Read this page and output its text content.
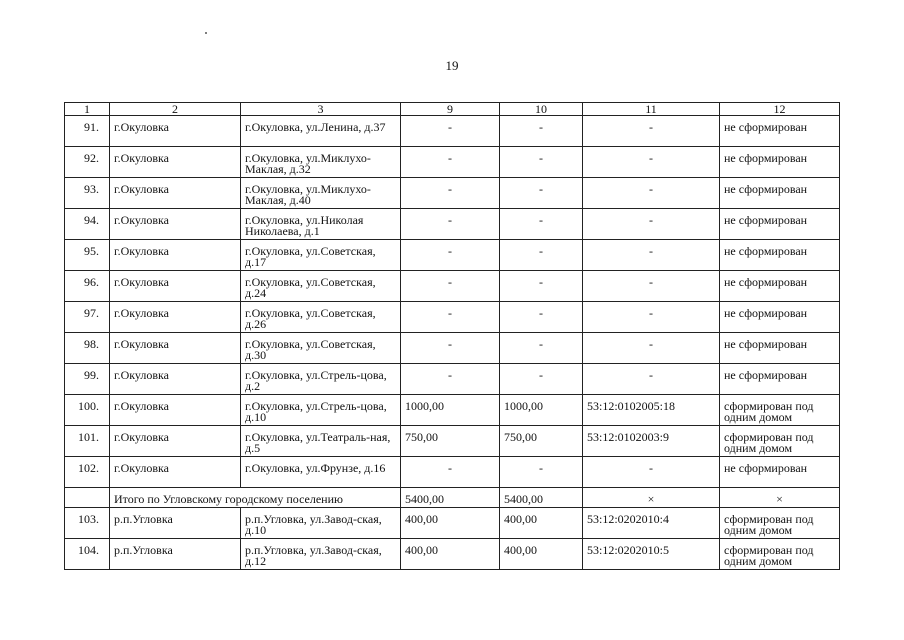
19
1	2	3	9	10	11	12
91.	г.Окуловка	г.Окуловка, ул.Ленина, д.37	-	-	-	не сформирован
92.	г.Окуловка	г.Окуловка, ул.Миклухо-Маклая, д.32	-	-	-	не сформирован
93.	г.Окуловка	г.Окуловка, ул.Миклухо-Маклая, д.40	-	-	-	не сформирован
94.	г.Окуловка	г.Окуловка, ул.Николая Николаева, д.1	-	-	-	не сформирован
95.	г.Окуловка	г.Окуловка, ул.Советская, д.17	-	-	-	не сформирован
96.	г.Окуловка	г.Окуловка, ул.Советская, д.24	-	-	-	не сформирован
97.	г.Окуловка	г.Окуловка, ул.Советская, д.26	-	-	-	не сформирован
98.	г.Окуловка	г.Окуловка, ул.Советская, д.30	-	-	-	не сформирован
99.	г.Окуловка	г.Окуловка, ул.Стрель-цова, д.2	-	-	-	не сформирован
100.	г.Окуловка	г.Окуловка, ул.Стрель-цова, д.10	1000,00	1000,00	53:12:0102005:18	сформирован под одним домом
101.	г.Окуловка	г.Окуловка, ул.Театраль-ная, д.5	750,00	750,00	53:12:0102003:9	сформирован под одним домом
102.	г.Окуловка	г.Окуловка, ул.Фрунзе, д.16	-	-	-	не сформирован
	Итого по Угловскому городскому поселению		5400,00	5400,00	×	×
103.	р.п.Угловка	р.п.Угловка, ул.Завод-ская, д.10	400,00	400,00	53:12:0202010:4	сформирован под одним домом
104.	р.п.Угловка	р.п.Угловка, ул.Завод-ская, д.12	400,00	400,00	53:12:0202010:5	сформирован под одним домом
